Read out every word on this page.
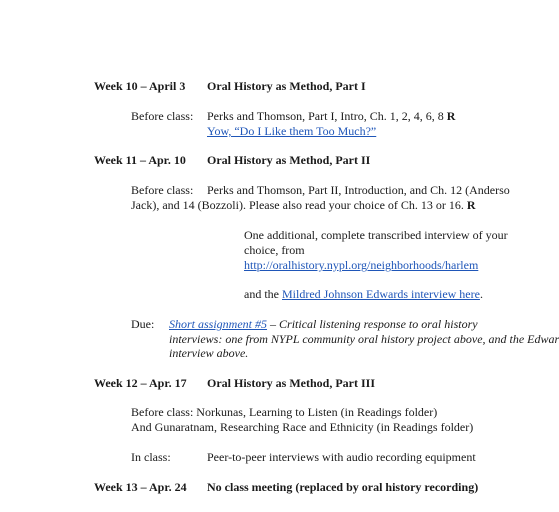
Week 10 – April 3 Oral History as Method, Part I
Before class: Perks and Thomson, Part I, Intro, Ch. 1, 2, 4, 6, 8 R
Yow, “Do I Like them Too Much?”
Week 11 – Apr. 10 Oral History as Method, Part II
Before class: Perks and Thomson, Part II, Introduction, and Ch. 12 (Anderso
Jack), and 14 (Bozzoli). Please also read your choice of Ch. 13 or 16. R
One additional, complete transcribed interview of your
choice, from
http://oralhistory.nypl.org/neighborhoods/harlem
and the Mildred Johnson Edwards interview here.
Due: Short assignment #5 – Critical listening response to oral history
interviews: one from NYPL community oral history project above, and the Edwar
interview above.
Week 12 – Apr. 17 Oral History as Method, Part III
Before class: Norkunas, Learning to Listen (in Readings folder)
And Gunaratnam, Researching Race and Ethnicity (in Readings folder)
In class:	Peer-to-peer interviews with audio recording equipment
Week 13 – Apr. 24 No class meeting (replaced by oral history recording)
